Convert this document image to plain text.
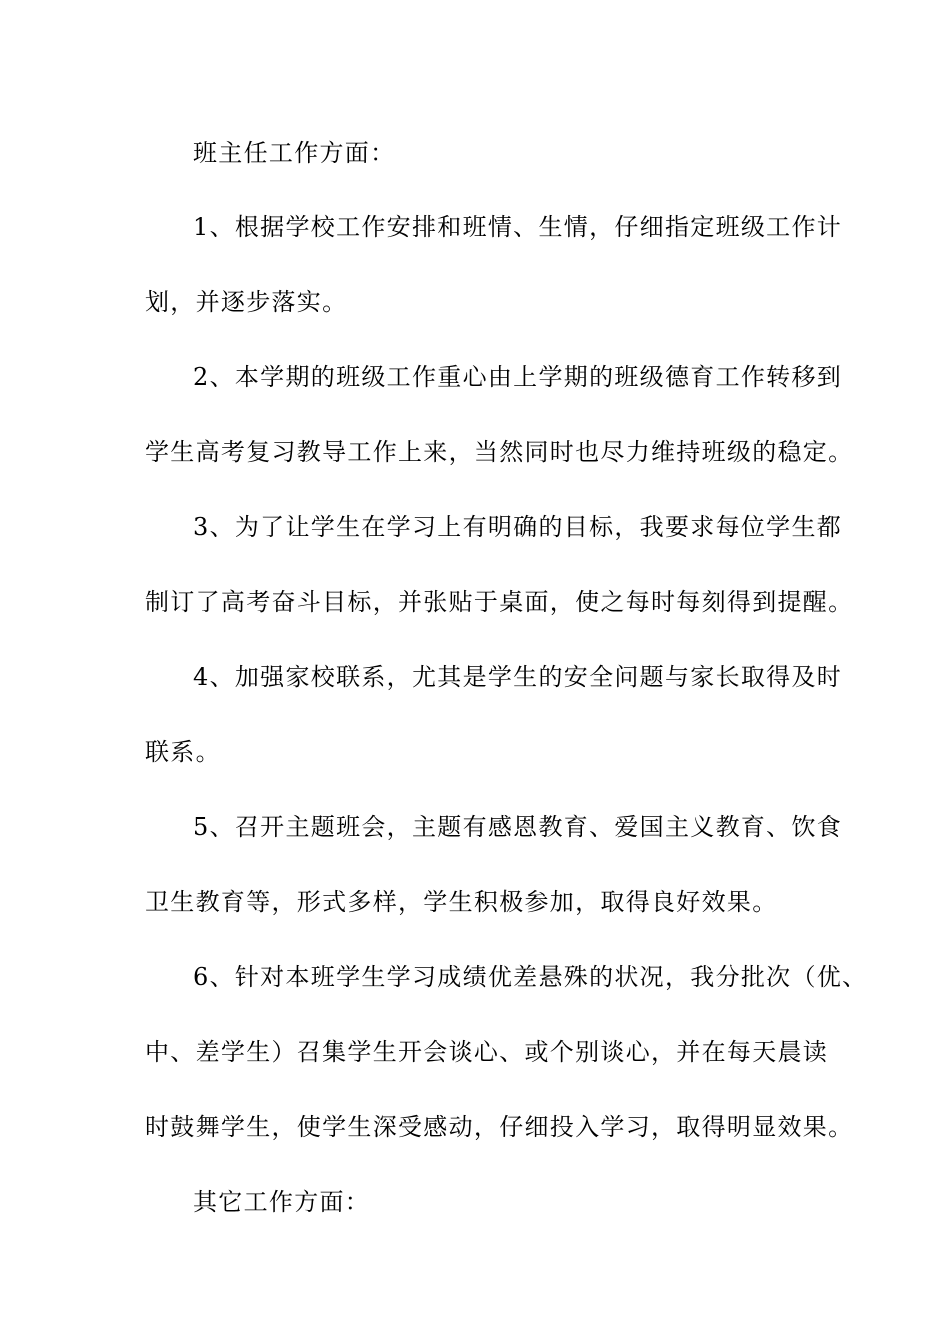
班主任工作方面：
1、根据学校工作安排和班情、生情，仔细指定班级工作计
划，并逐步落实。
2、本学期的班级工作重心由上学期的班级德育工作转移到
学生高考复习教导工作上来，当然同时也尽力维持班级的稳定。
3、为了让学生在学习上有明确的目标，我要求每位学生都
制订了高考奋斗目标，并张贴于桌面，使之每时每刻得到提醒。
4、加强家校联系，尤其是学生的安全问题与家长取得及时
联系。
5、召开主题班会，主题有感恩教育、爱国主义教育、饮食
卫生教育等，形式多样，学生积极参加，取得良好效果。
6、针对本班学生学习成绩优差悬殊的状况，我分批次（优、
中、差学生）召集学生开会谈心、或个别谈心，并在每天晨读
时鼓舞学生，使学生深受感动，仔细投入学习，取得明显效果。
其它工作方面：
